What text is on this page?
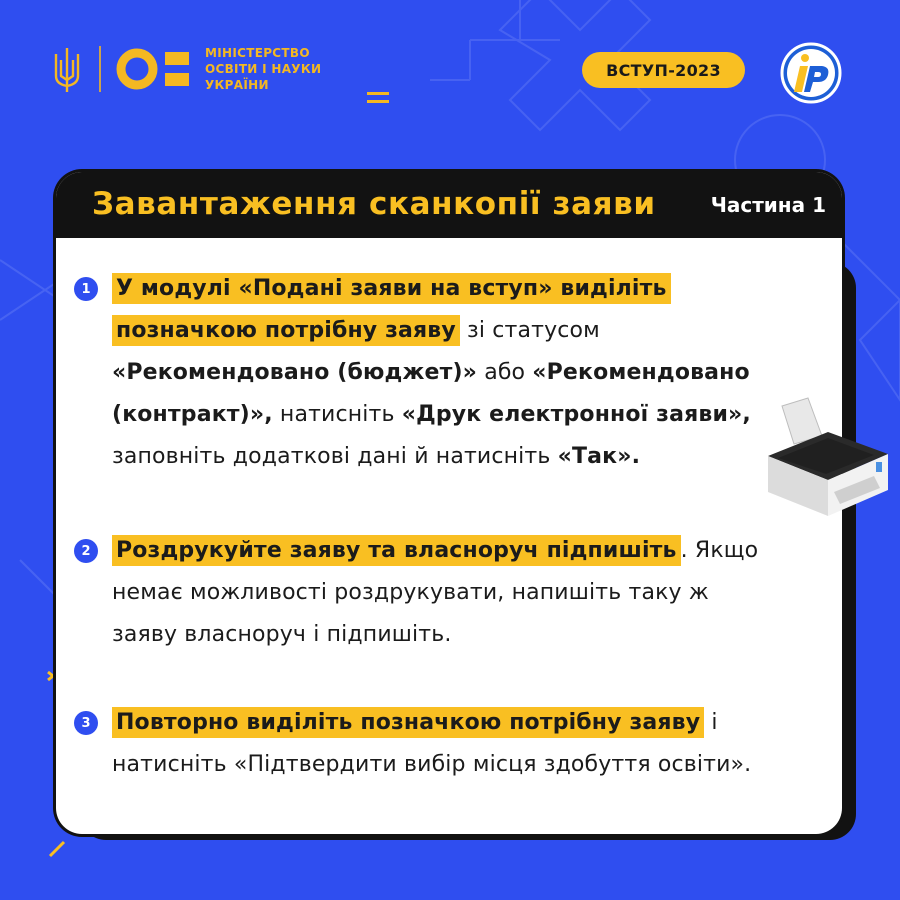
МІНІСТЕРСТВО
ОСВІТИ І НАУКИ
УКРАЇНИ
ВСТУП-2023
Завантаження сканкопії заяви	Частина 1
1	У модулі «Подані заяви на вступ» виділіть позначкою потрібну заяву зі статусом «Рекомендовано (бюджет)» або «Рекомендовано (контракт)», натисніть «Друк електронної заяви», заповніть додаткові дані й натисніть «Так».
2	Роздрукуйте заяву та власноруч підпишіть . Якщо немає можливості роздрукувати, напишіть таку ж заяву власноруч і підпишіть.
3	Повторно виділіть позначкою потрібну заяву і натисніть «Підтвердити вибір місця здобуття освіти».
